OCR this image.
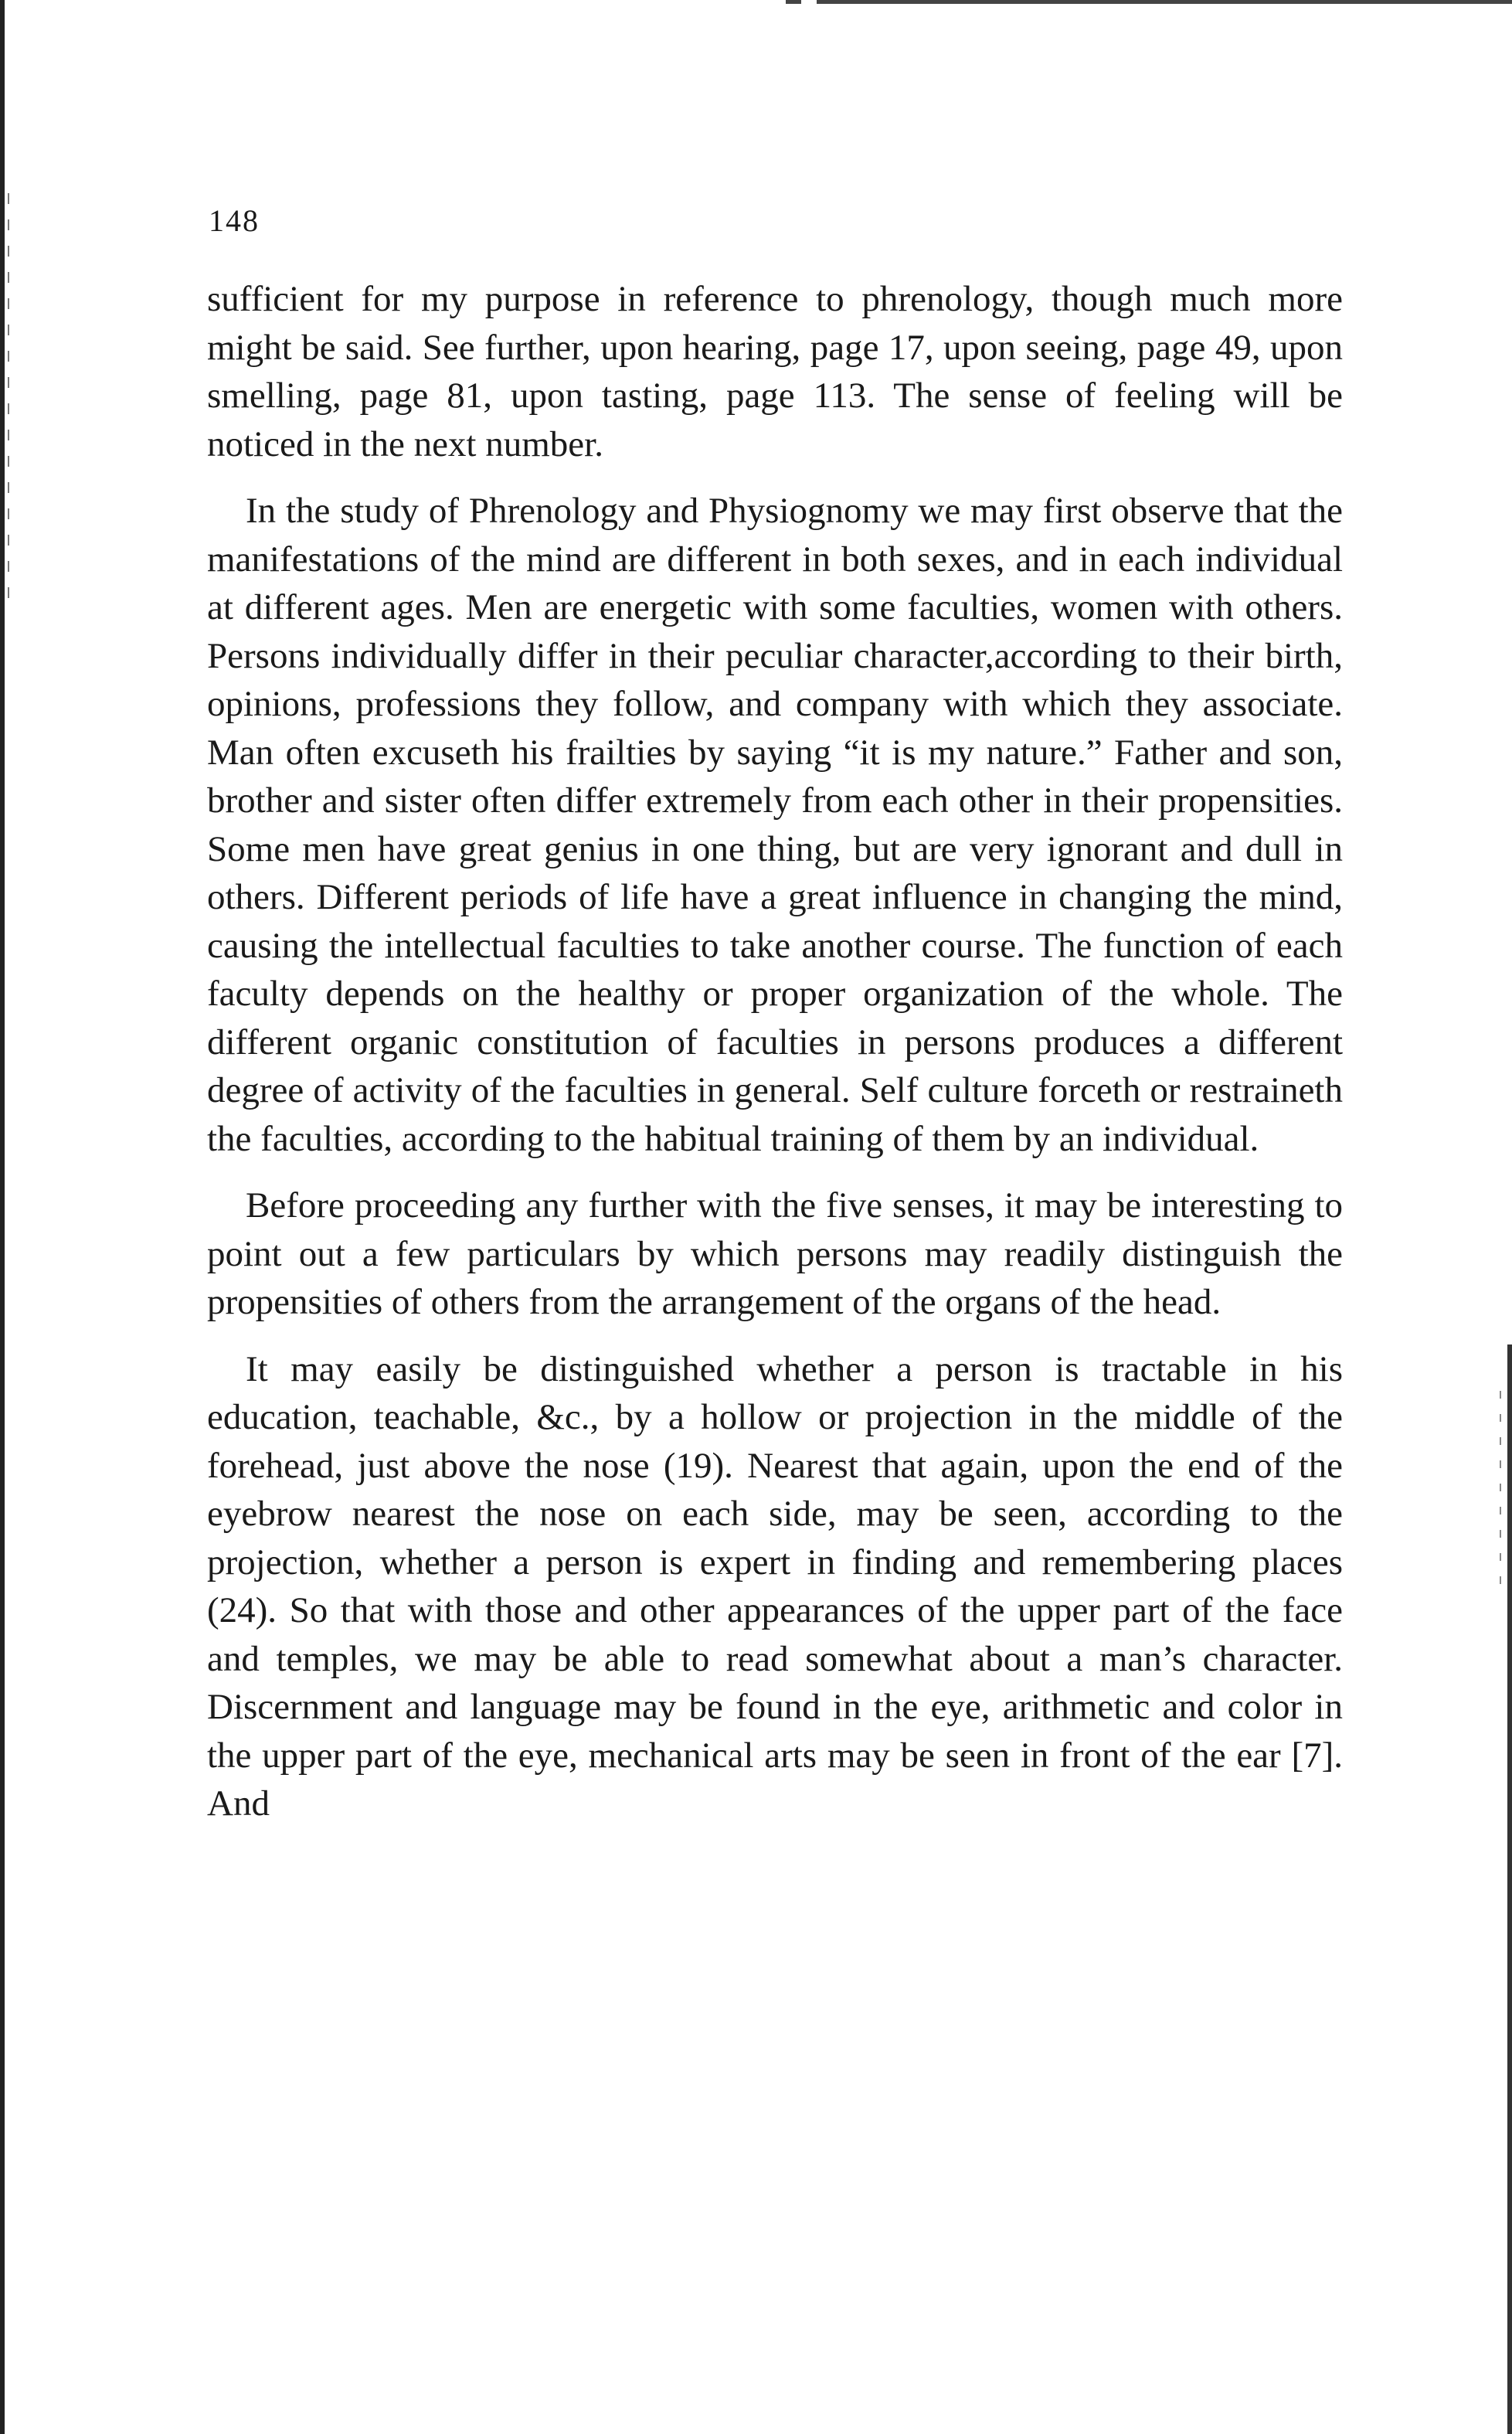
148

sufficient for my purpose in reference to phrenology, though much more might be said. See further, upon hearing, page 17, upon seeing, page 49, upon smelling, page 81, upon tasting, page 113. The sense of feeling will be noticed in the next number.

In the study of Phrenology and Physiognomy we may first observe that the manifestations of the mind are different in both sexes, and in each individual at different ages. Men are energetic with some faculties, women with others. Persons individually differ in their peculiar character,according to their birth, opinions, professions they follow, and company with which they associate. Man often excuseth his frailties by saying “it is my nature.” Father and son, brother and sister often differ extremely from each other in their propensities. Some men have great genius in one thing, but are very ignorant and dull in others. Different periods of life have a great influence in changing the mind, causing the intellectual faculties to take another course. The function of each faculty depends on the healthy or proper organization of the whole. The different organic constitution of faculties in persons produces a different degree of activity of the faculties in general. Self culture forceth or restraineth the faculties, according to the habitual training of them by an individual.

Before proceeding any further with the five senses, it may be interesting to point out a few particulars by which persons may readily distinguish the propensities of others from the arrangement of the organs of the head.

It may easily be distinguished whether a person is tractable in his education, teachable, &c., by a hollow or projection in the middle of the forehead, just above the nose (19). Nearest that again, upon the end of the eyebrow nearest the nose on each side, may be seen, according to the projection, whether a person is expert in finding and remembering places (24). So that with those and other appearances of the upper part of the face and temples, we may be able to read somewhat about a man’s character. Discernment and language may be found in the eye, arithmetic and color in the upper part of the eye, mechanical arts may be seen in front of the ear [7]. And
